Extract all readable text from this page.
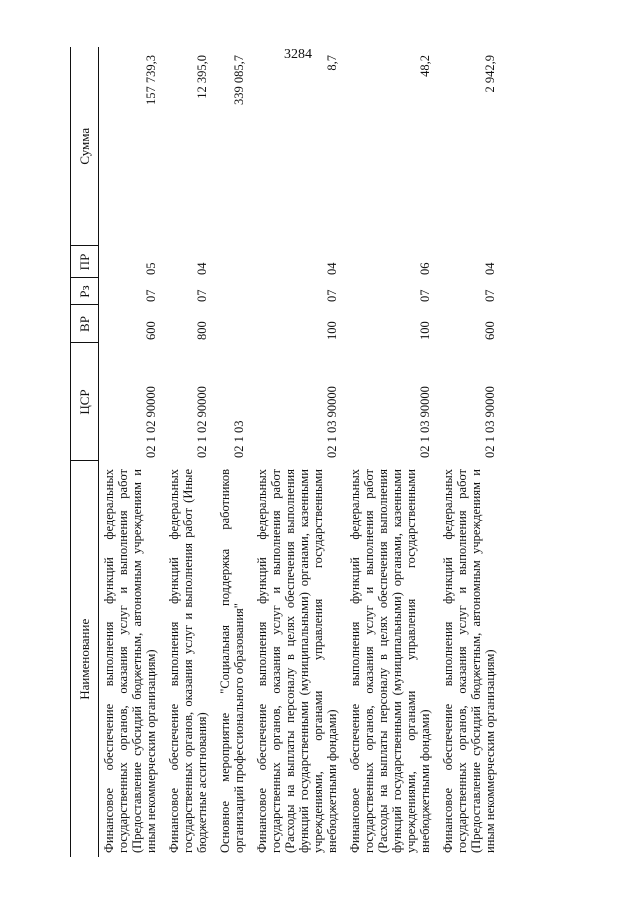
3284
Наименование	ЦСР	ВР	Рз	ПР	Сумма
Финансовое обеспечение выполнения функций федеральных государственных органов, оказания услуг и выполнения работ (Предоставление субсидий бюджетным, автономным учреждениям и иным некоммерческим организациям)	02 1 02 90000	600	07	05	157 739,3
Финансовое обеспечение выполнения функций федеральных государственных органов, оказания услуг и выполнения работ (Иные бюджетные ассигнования)	02 1 02 90000	800	07	04	12 395,0
Основное мероприятие "Социальная поддержка работников организаций профессионального образования"	02 1 03				339 085,7
Финансовое обеспечение выполнения функций федеральных государственных органов, оказания услуг и выполнения работ (Расходы на выплаты персоналу в целях обеспечения выполнения функций государственными (муниципальными) органами, казенными учреждениями, органами управления государственными внебюджетными фондами)	02 1 03 90000	100	07	04	8,7
Финансовое обеспечение выполнения функций федеральных государственных органов, оказания услуг и выполнения работ (Расходы на выплаты персоналу в целях обеспечения выполнения функций государственными (муниципальными) органами, казенными учреждениями, органами управления государственными внебюджетными фондами)	02 1 03 90000	100	07	06	48,2
Финансовое обеспечение выполнения функций федеральных государственных органов, оказания услуг и выполнения работ (Предоставление субсидий бюджетным, автономным учреждениям и иным некоммерческим организациям)	02 1 03 90000	600	07	04	2 942,9
